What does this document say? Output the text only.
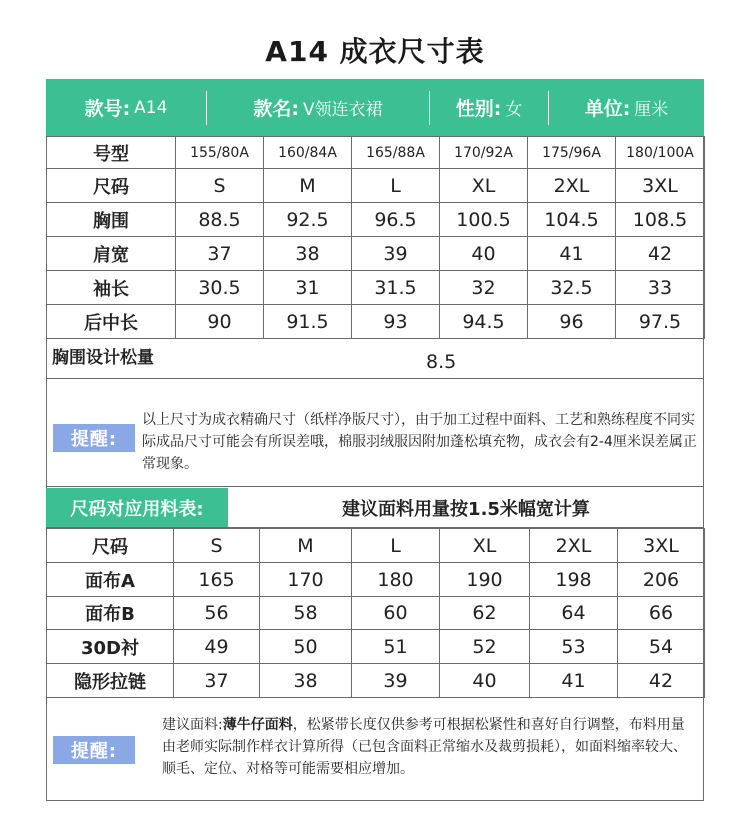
A14 成衣尺寸表
款号: A14	款名: V领连衣裙	性别: 女	单位: 厘米
号型	155/80A	160/84A	165/88A	170/92A	175/96A	180/100A
尺码	S	M	L	XL	2XL	3XL
胸围	88.5	92.5	96.5	100.5	104.5	108.5
肩宽	37	38	39	40	41	42
袖长	30.5	31	31.5	32	32.5	33
后中长	90	91.5	93	94.5	96	97.5
胸围设计松量	8.5
提醒:
以上尺寸为成衣精确尺寸（纸样净版尺寸），由于加工过程中面料、工艺和熟练程度不同实际成品尺寸可能会有所误差哦，棉服羽绒服因附加蓬松填充物，成衣会有2-4厘米误差属正常现象。
尺码对应用料表:	建议面料用量按1.5米幅宽计算
尺码	S	M	L	XL	2XL	3XL
面布A	165	170	180	190	198	206
面布B	56	58	60	62	64	66
30D衬	49	50	51	52	53	54
隐形拉链	37	38	39	40	41	42
提醒:
建议面料:薄牛仔面料，松紧带长度仅供参考可根据松紧性和喜好自行调整，布料用量由老师实际制作样衣计算所得（已包含面料正常缩水及裁剪损耗），如面料缩率较大、顺毛、定位、对格等可能需要相应增加。
